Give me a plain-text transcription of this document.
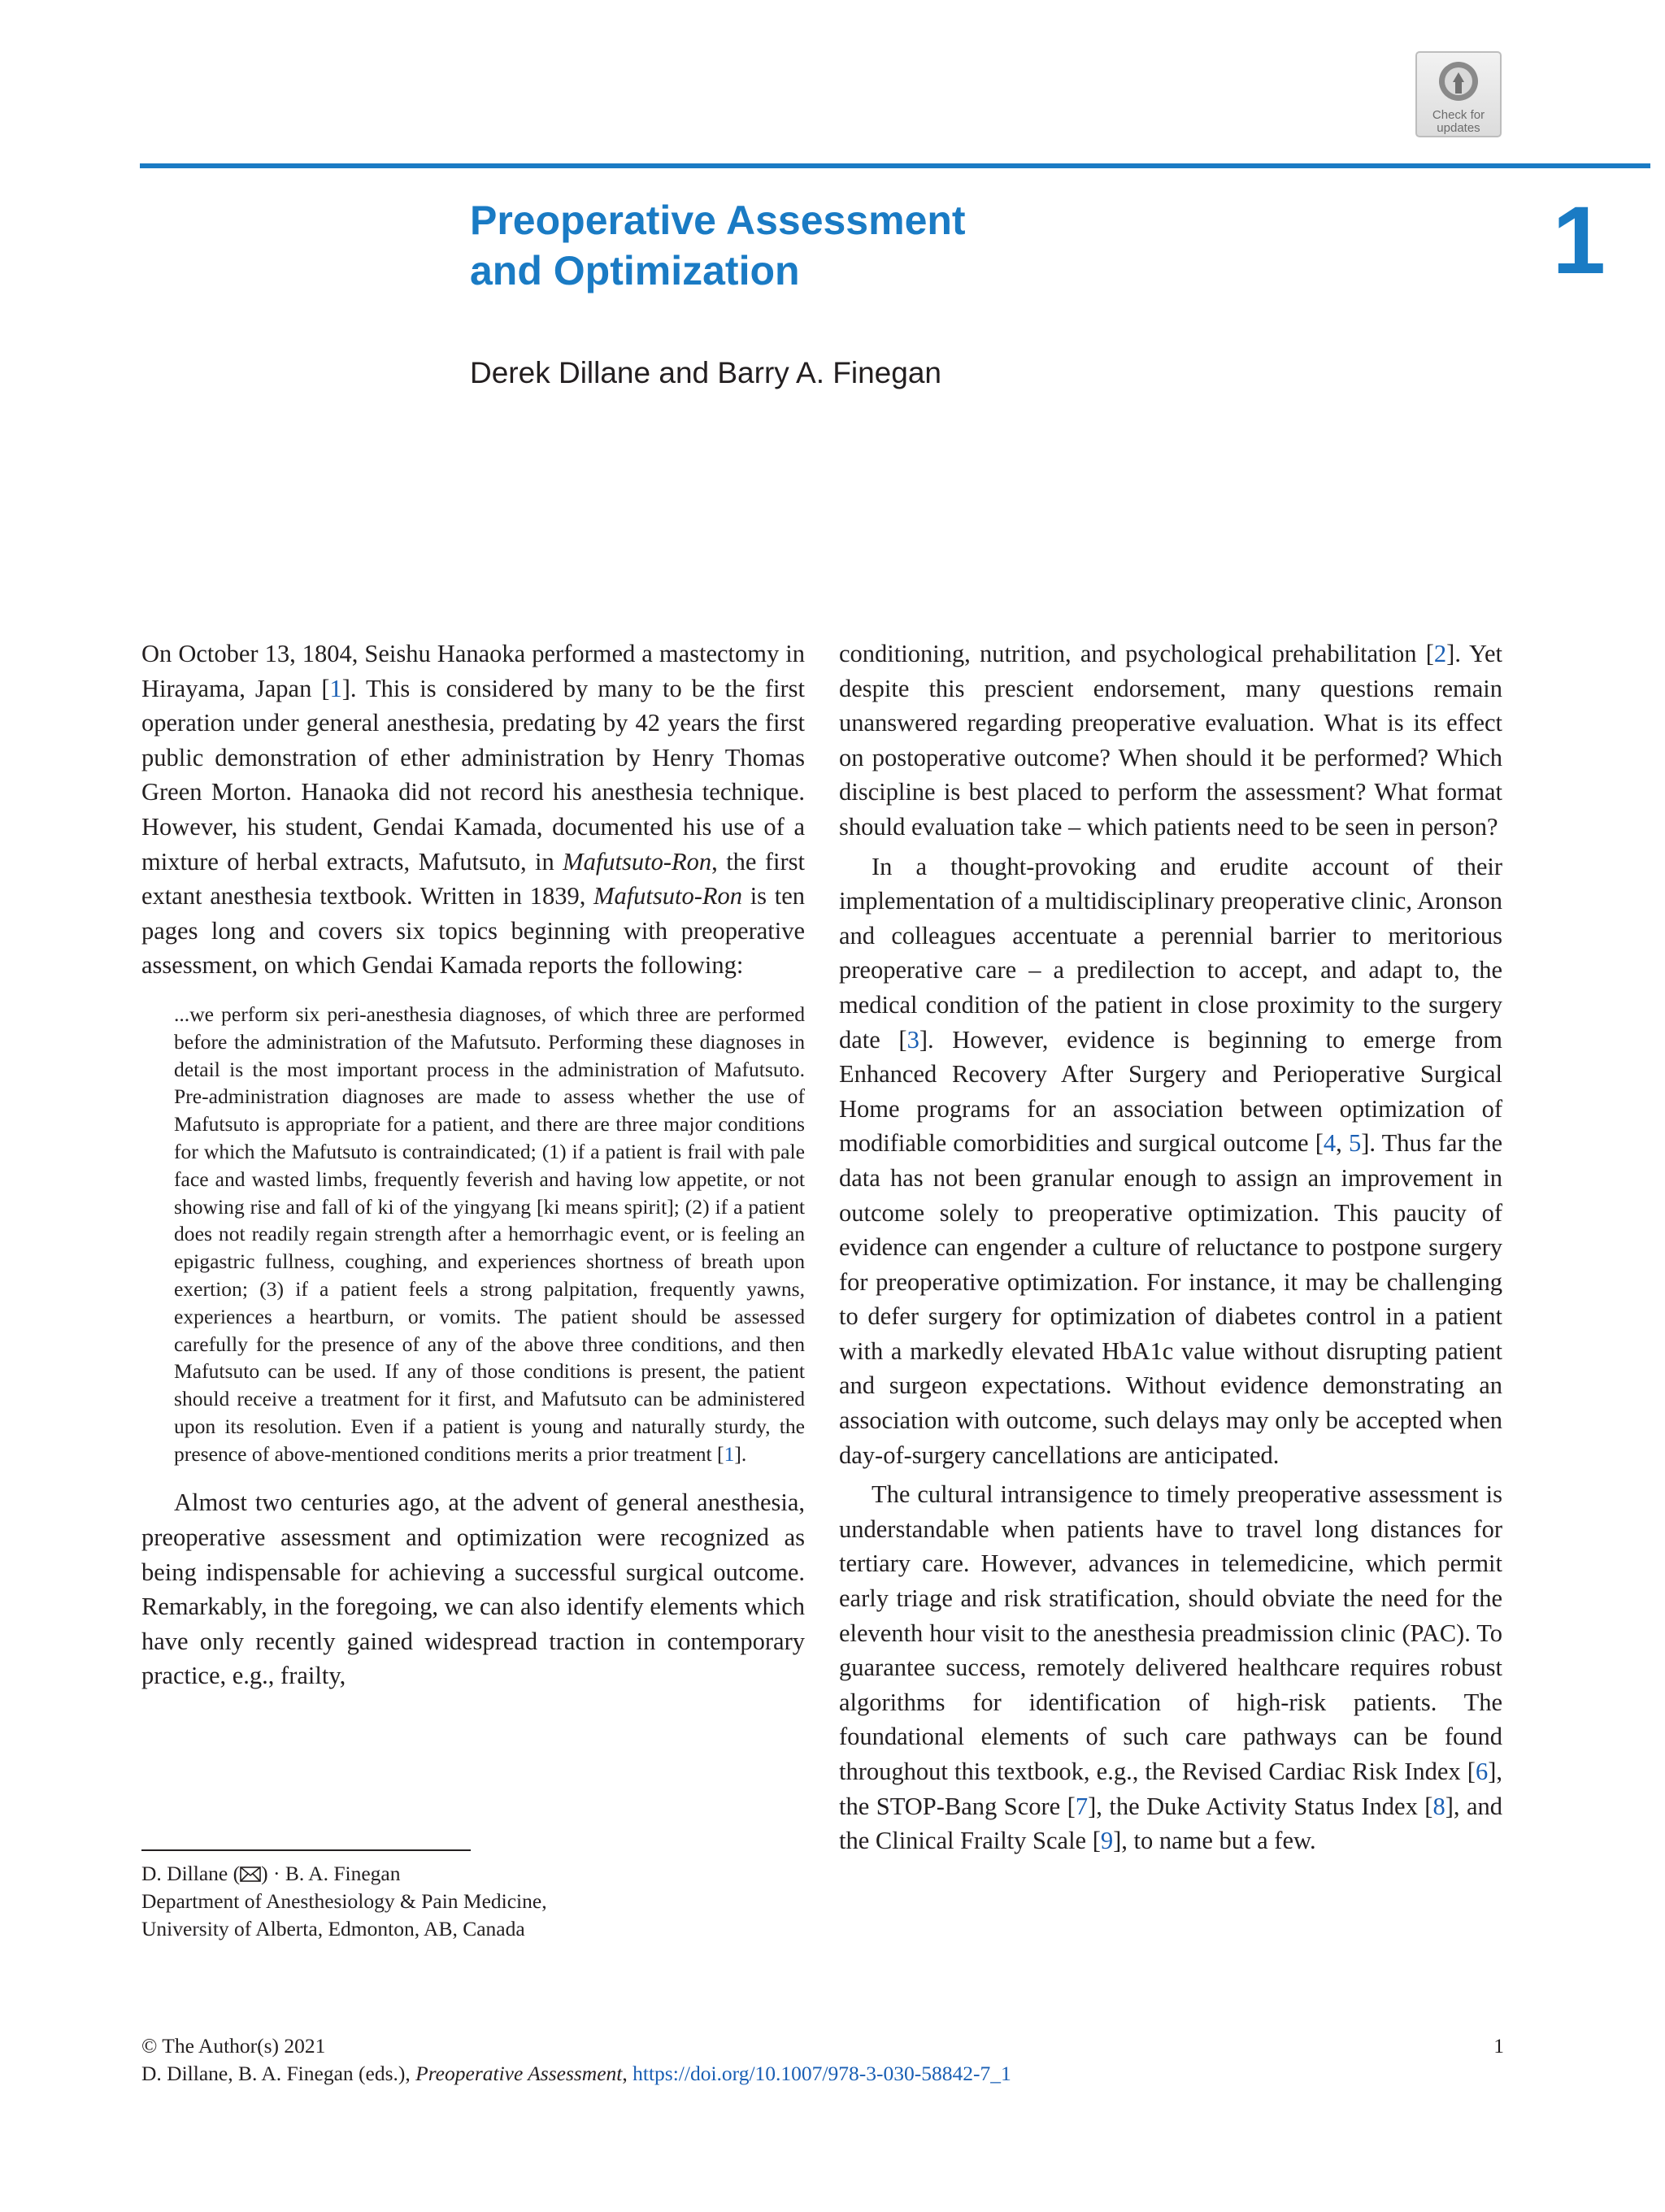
Check for
updates
Preoperative Assessment
and Optimization	1
Derek Dillane and Barry A. Finegan

On October 13, 1804, Seishu Hanaoka performed a mastectomy in Hirayama, Japan [1]. This is considered by many to be the first operation under general anesthesia, predating by 42 years the first public demonstration of ether administration by Henry Thomas Green Morton. Hanaoka did not record his anesthesia technique. However, his student, Gendai Kamada, documented his use of a mixture of herbal extracts, Mafutsuto, in Mafutsuto-Ron, the first extant anesthesia textbook. Written in 1839, Mafutsuto-Ron is ten pages long and covers six topics beginning with preoperative assessment, on which Gendai Kamada reports the following:

...we perform six peri-anesthesia diagnoses, of which three are performed before the administration of the Mafutsuto. Performing these diagnoses in detail is the most important process in the administration of Mafutsuto. Pre-administration diagnoses are made to assess whether the use of Mafutsuto is appropriate for a patient, and there are three major conditions for which the Mafutsuto is contraindicated; (1) if a patient is frail with pale face and wasted limbs, frequently feverish and having low appetite, or not showing rise and fall of ki of the yingyang [ki means spirit]; (2) if a patient does not readily regain strength after a hemorrhagic event, or is feeling an epigastric fullness, coughing, and experiences shortness of breath upon exertion; (3) if a patient feels a strong palpitation, frequently yawns, experiences a heartburn, or vomits. The patient should be assessed carefully for the presence of any of the above three conditions, and then Mafutsuto can be used. If any of those conditions is present, the patient should receive a treatment for it first, and Mafutsuto can be administered upon its resolution. Even if a patient is young and naturally sturdy, the presence of above-mentioned conditions merits a prior treatment [1].

Almost two centuries ago, at the advent of general anesthesia, preoperative assessment and optimization were recognized as being indispensable for achieving a successful surgical outcome. Remarkably, in the foregoing, we can also identify elements which have only recently gained widespread traction in contemporary practice, e.g., frailty,

conditioning, nutrition, and psychological prehabilitation [2]. Yet despite this prescient endorsement, many questions remain unanswered regarding preoperative evaluation. What is its effect on postoperative outcome? When should it be performed? Which discipline is best placed to perform the assessment? What format should evaluation take – which patients need to be seen in person?

In a thought-provoking and erudite account of their implementation of a multidisciplinary preoperative clinic, Aronson and colleagues accentuate a perennial barrier to meritorious preoperative care – a predilection to accept, and adapt to, the medical condition of the patient in close proximity to the surgery date [3]. However, evidence is beginning to emerge from Enhanced Recovery After Surgery and Perioperative Surgical Home programs for an association between optimization of modifiable comorbidities and surgical outcome [4, 5]. Thus far the data has not been granular enough to assign an improvement in outcome solely to preoperative optimization. This paucity of evidence can engender a culture of reluctance to postpone surgery for preoperative optimization. For instance, it may be challenging to defer surgery for optimization of diabetes control in a patient with a markedly elevated HbA1c value without disrupting patient and surgeon expectations. Without evidence demonstrating an association with outcome, such delays may only be accepted when day-of-surgery cancellations are anticipated.

The cultural intransigence to timely preoperative assessment is understandable when patients have to travel long distances for tertiary care. However, advances in telemedicine, which permit early triage and risk stratification, should obviate the need for the eleventh hour visit to the anesthesia preadmission clinic (PAC). To guarantee success, remotely delivered healthcare requires robust algorithms for identification of high-risk patients. The foundational elements of such care pathways can be found throughout this textbook, e.g., the Revised Cardiac Risk Index [6], the STOP-Bang Score [7], the Duke Activity Status Index [8], and the Clinical Frailty Scale [9], to name but a few.

D. Dillane ( ) · B. A. Finegan
Department of Anesthesiology & Pain Medicine,
University of Alberta, Edmonton, AB, Canada
© The Author(s) 2021
D. Dillane, B. A. Finegan (eds.), Preoperative Assessment, https://doi.org/10.1007/978-3-030-58842-7_1
1
